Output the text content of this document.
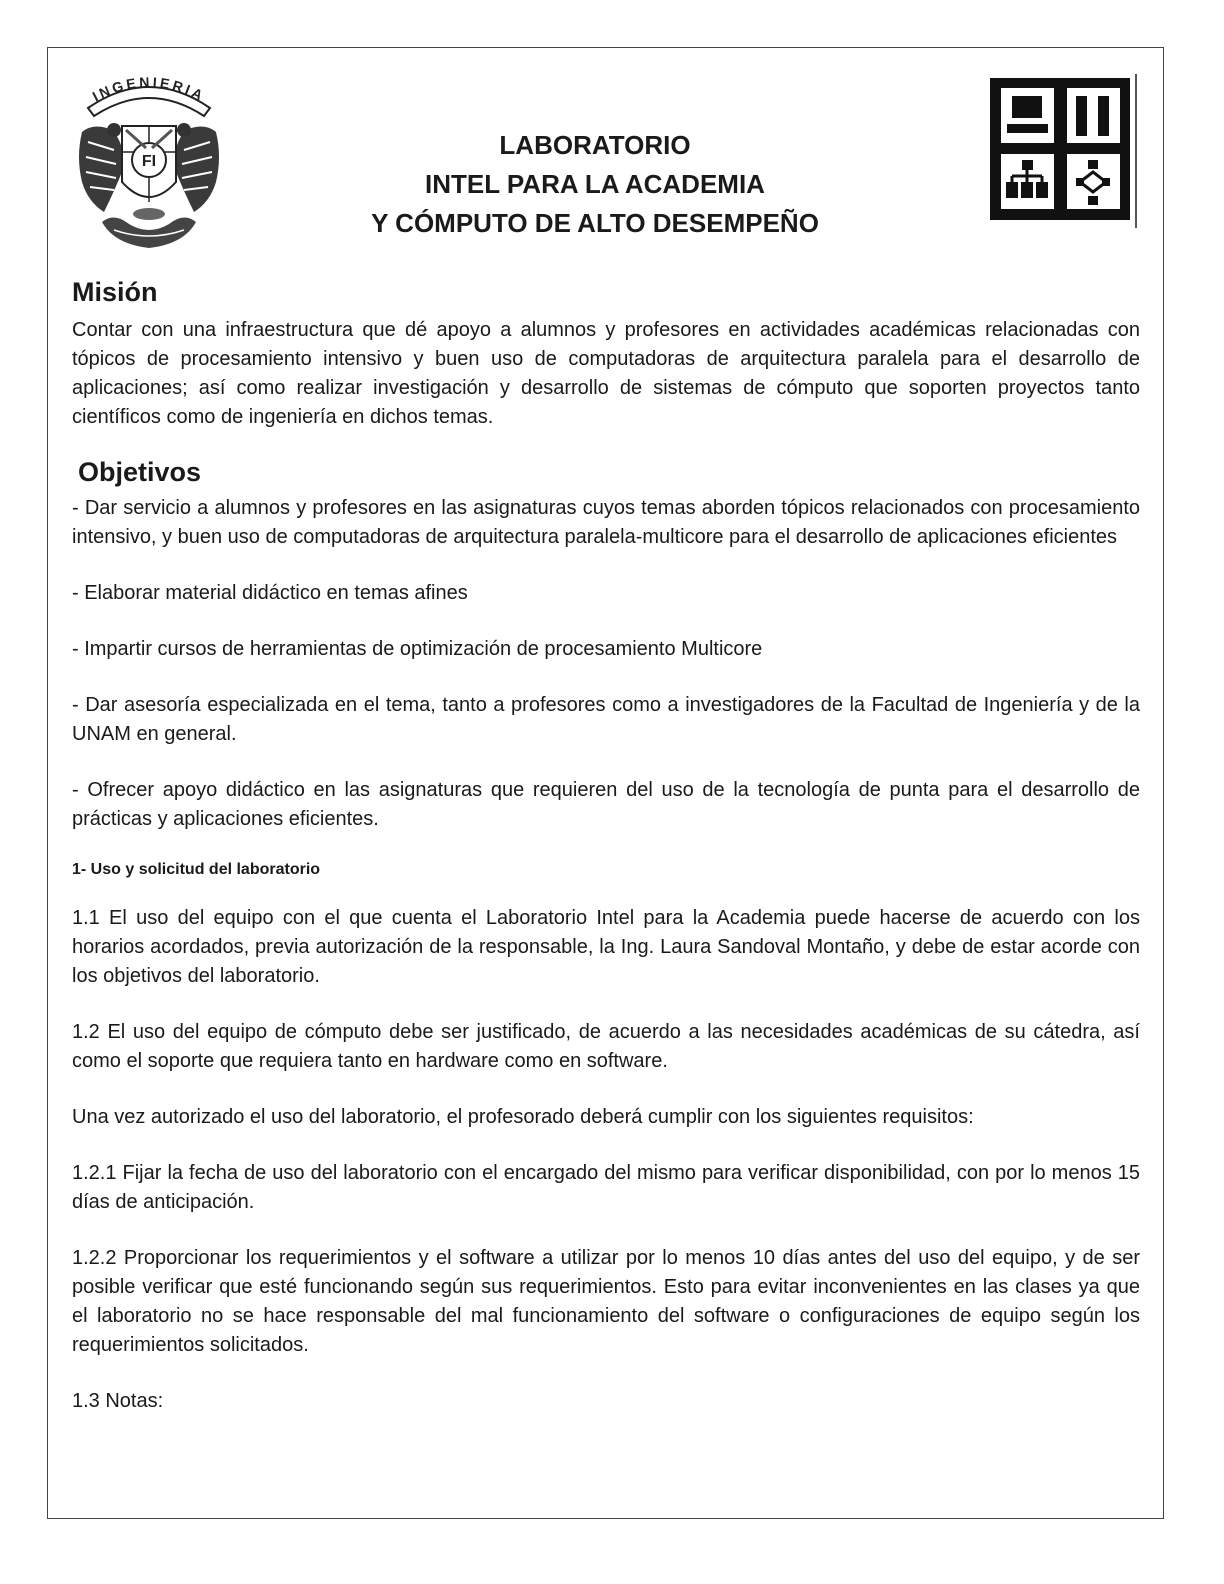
INGENIERIA
FI
LABORATORIO
INTEL PARA LA ACADEMIA
Y CÓMPUTO DE ALTO DESEMPEÑO
Misión

Contar con una infraestructura que dé apoyo a alumnos y profesores en actividades académicas relacionadas con tópicos de procesamiento intensivo y buen uso de computadoras de arquitectura paralela para el desarrollo de aplicaciones; así como realizar investigación y desarrollo de sistemas de cómputo que soporten proyectos tanto científicos como de ingeniería en dichos temas.

Objetivos

- Dar servicio a alumnos y profesores en las asignaturas cuyos temas aborden tópicos relacionados con procesamiento intensivo, y buen uso de computadoras de arquitectura paralela-multicore para el desarrollo de aplicaciones eficientes

- Elaborar material didáctico en temas afines

- Impartir cursos de herramientas de optimización de procesamiento Multicore

- Dar asesoría especializada en el tema, tanto a profesores como a investigadores de la Facultad de Ingeniería y de la UNAM en general.

- Ofrecer apoyo didáctico en las asignaturas que requieren del uso de la tecnología de punta para el desarrollo de prácticas y aplicaciones eficientes.

1- Uso y solicitud del laboratorio

1.1 El uso del equipo con el que cuenta el Laboratorio Intel para la Academia puede hacerse de acuerdo con los horarios acordados, previa autorización de la responsable, la Ing. Laura Sandoval Montaño, y debe de estar acorde con los objetivos del laboratorio.

1.2 El uso del equipo de cómputo debe ser justificado, de acuerdo a las necesidades académicas de su cátedra, así como el soporte que requiera tanto en hardware como en software.

Una vez autorizado el uso del laboratorio, el profesorado deberá cumplir con los siguientes requisitos:

1.2.1 Fijar la fecha de uso del laboratorio con el encargado del mismo para verificar disponibilidad, con por lo menos 15 días de anticipación.

1.2.2 Proporcionar los requerimientos y el software a utilizar por lo menos 10 días antes del uso del equipo, y de ser posible verificar que esté funcionando según sus requerimientos. Esto para evitar inconvenientes en las clases ya que el laboratorio no se hace responsable del mal funcionamiento del software o configuraciones de equipo según los requerimientos solicitados.

1.3 Notas:
